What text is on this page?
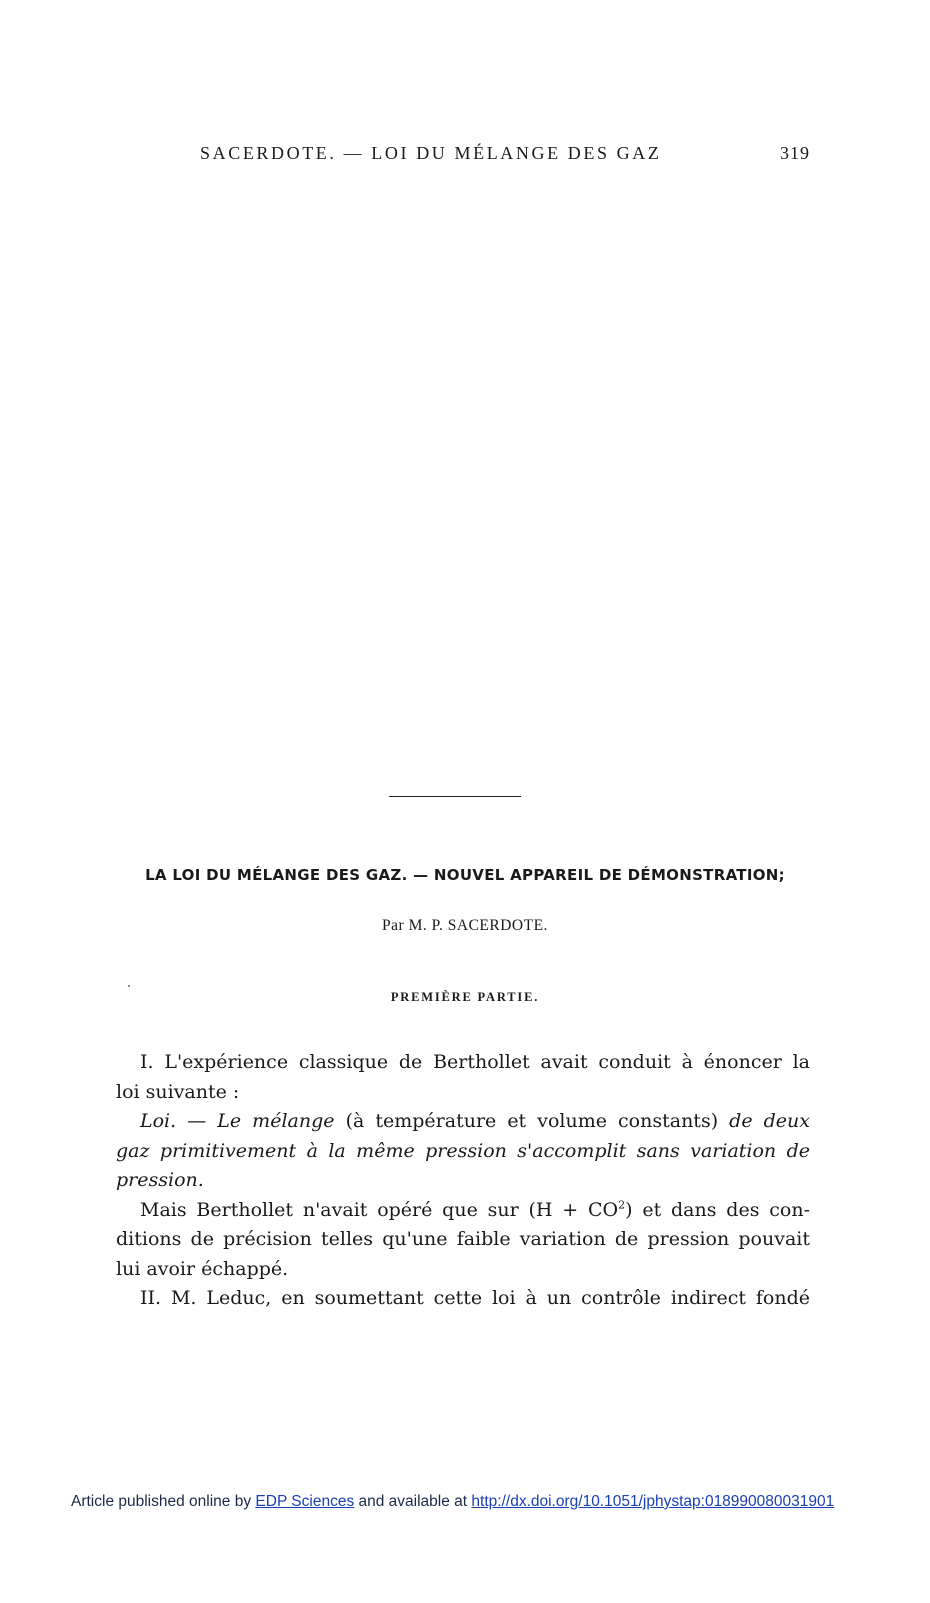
SACERDOTE. — LOI DU MÉLANGE DES GAZ	319
LA LOI DU MÉLANGE DES GAZ. — NOUVEL APPAREIL DE DÉMONSTRATION;
Par M. P. SACERDOTE.
PREMIÈRE PARTIE.
I. L'expérience classique de Berthollet avait conduit à énoncer la
loi suivante :
Loi. — Le mélange (à température et volume constants) de deux
gaz primitivement à la même pression s'accomplit sans variation de
pression.
Mais Berthollet n'avait opéré que sur $(H + CO^2)$ et dans des con-
ditions de précision telles qu'une faible variation de pression pouvait
lui avoir échappé.
II. M. Leduc, en soumettant cette loi à un contrôle indirect fondé
Article published online by EDP Sciences and available at http://dx.doi.org/10.1051/jphystap:018990080031901
